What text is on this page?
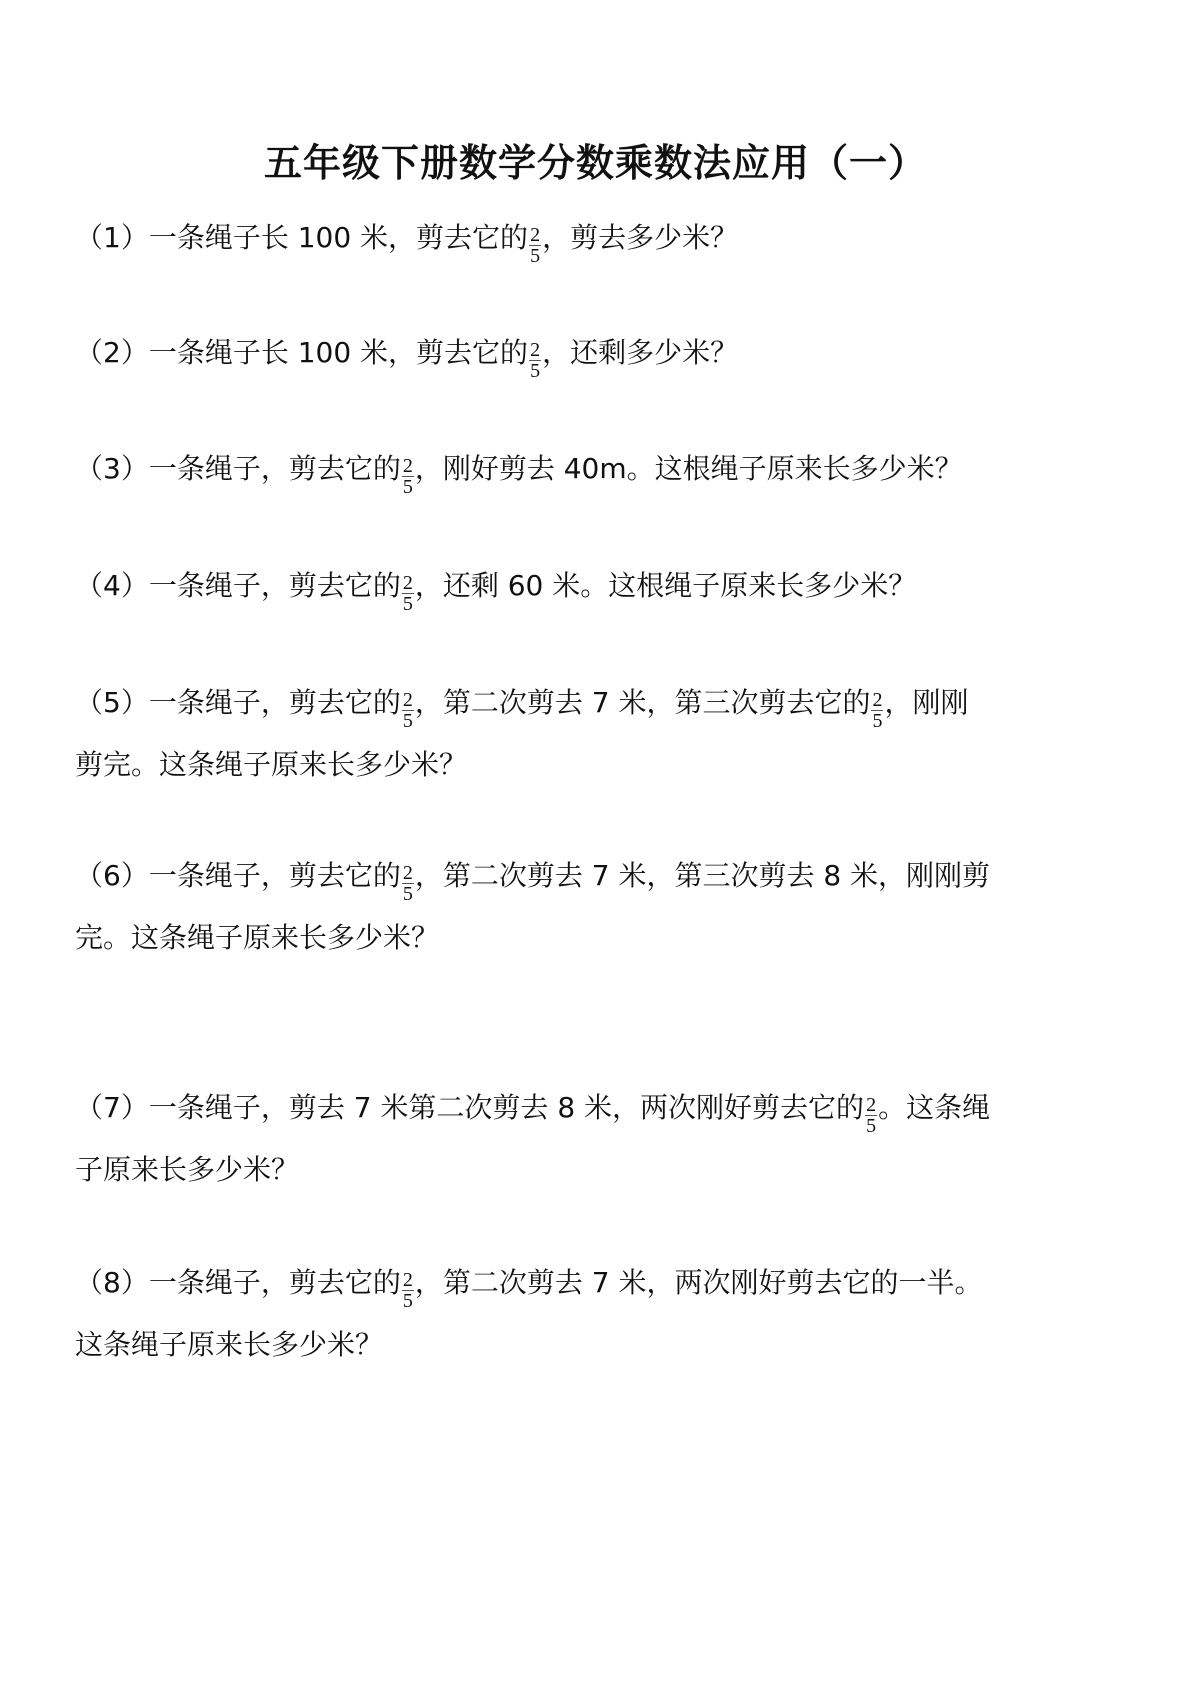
五年级下册数学分数乘数法应用（一）
（1）一条绳子长 100 米，剪去它的 $\frac{2}{5}$ ，剪去多少米？
（2）一条绳子长 100 米，剪去它的 $\frac{2}{5}$ ，还剩多少米？
（3）一条绳子，剪去它的 $\frac{2}{5}$ ，刚好剪去 40m。这根绳子原来长多少米？
（4）一条绳子，剪去它的 $\frac{2}{5}$ ，还剩 60 米。这根绳子原来长多少米？
（5）一条绳子，剪去它的 $\frac{2}{5}$ ，第二次剪去 7 米，第三次剪去它的 $\frac{2}{5}$ ，刚刚
剪完。这条绳子原来长多少米？
（6）一条绳子，剪去它的 $\frac{2}{5}$ ，第二次剪去 7 米，第三次剪去 8 米，刚刚剪
完。这条绳子原来长多少米？
（7）一条绳子，剪去 7 米第二次剪去 8 米，两次刚好剪去它的 $\frac{2}{5}$ 。这条绳
子原来长多少米？
（8）一条绳子，剪去它的 $\frac{2}{5}$ ，第二次剪去 7 米，两次刚好剪去它的一半。
这条绳子原来长多少米？
